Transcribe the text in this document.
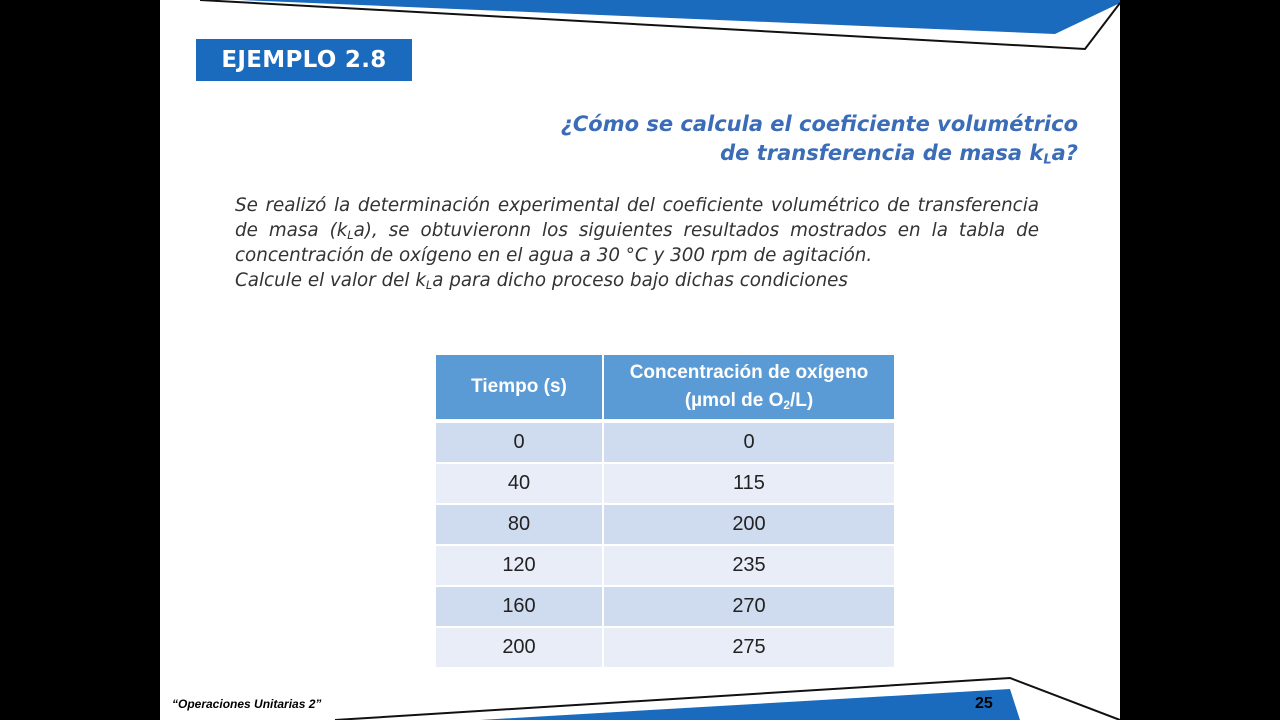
EJEMPLO 2.8
¿Cómo se calcula el coeficiente volumétrico
de transferencia de masa $k_La$?

Se realizó la determinación experimental del coeficiente volumétrico de transferencia de masa $(k_La)$, se obtuvieronn los siguientes resultados mostrados en la tabla de concentración de oxígeno en el agua a 30 °C y 300 rpm de agitación.

Calcule el valor del $k_La$ para dicho proceso bajo dichas condiciones

Tiempo (s)	Concentración de oxígeno
(µmol de $O_2/L$)

0	0
40	115
80	200
120	235
160	270
200	275
“Operaciones Unitarias 2”	25
